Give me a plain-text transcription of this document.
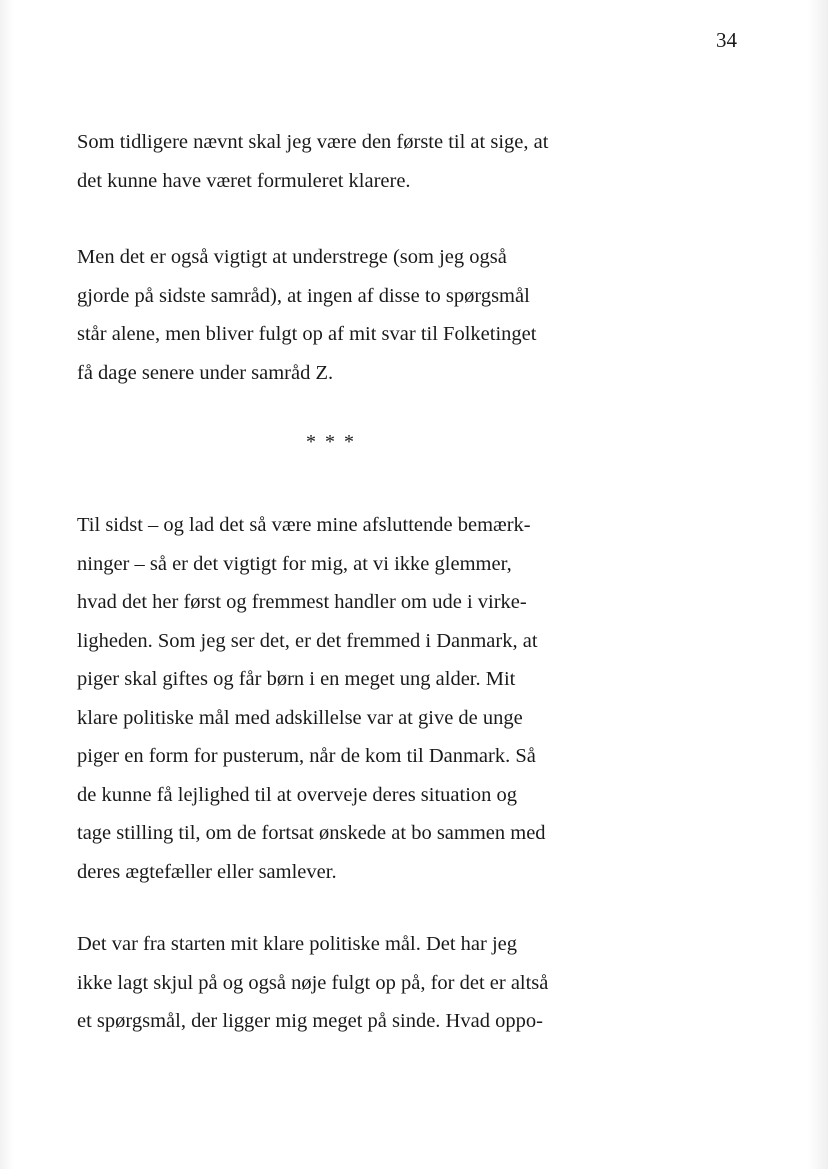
34
Som tidligere nævnt skal jeg være den første til at sige, at
det kunne have været formuleret klarere.
Men det er også vigtigt at understrege (som jeg også
gjorde på sidste samråd), at ingen af disse to spørgsmål
står alene, men bliver fulgt op af mit svar til Folketinget
få dage senere under samråd Z.
* * *
Til sidst – og lad det så være mine afsluttende bemærk-
ninger – så er det vigtigt for mig, at vi ikke glemmer,
hvad det her først og fremmest handler om ude i virke-
ligheden. Som jeg ser det, er det fremmed i Danmark, at
piger skal giftes og får børn i en meget ung alder. Mit
klare politiske mål med adskillelse var at give de unge
piger en form for pusterum, når de kom til Danmark. Så
de kunne få lejlighed til at overveje deres situation og
tage stilling til, om de fortsat ønskede at bo sammen med
deres ægtefæller eller samlever.
Det var fra starten mit klare politiske mål. Det har jeg
ikke lagt skjul på og også nøje fulgt op på, for det er altså
et spørgsmål, der ligger mig meget på sinde. Hvad oppo-
